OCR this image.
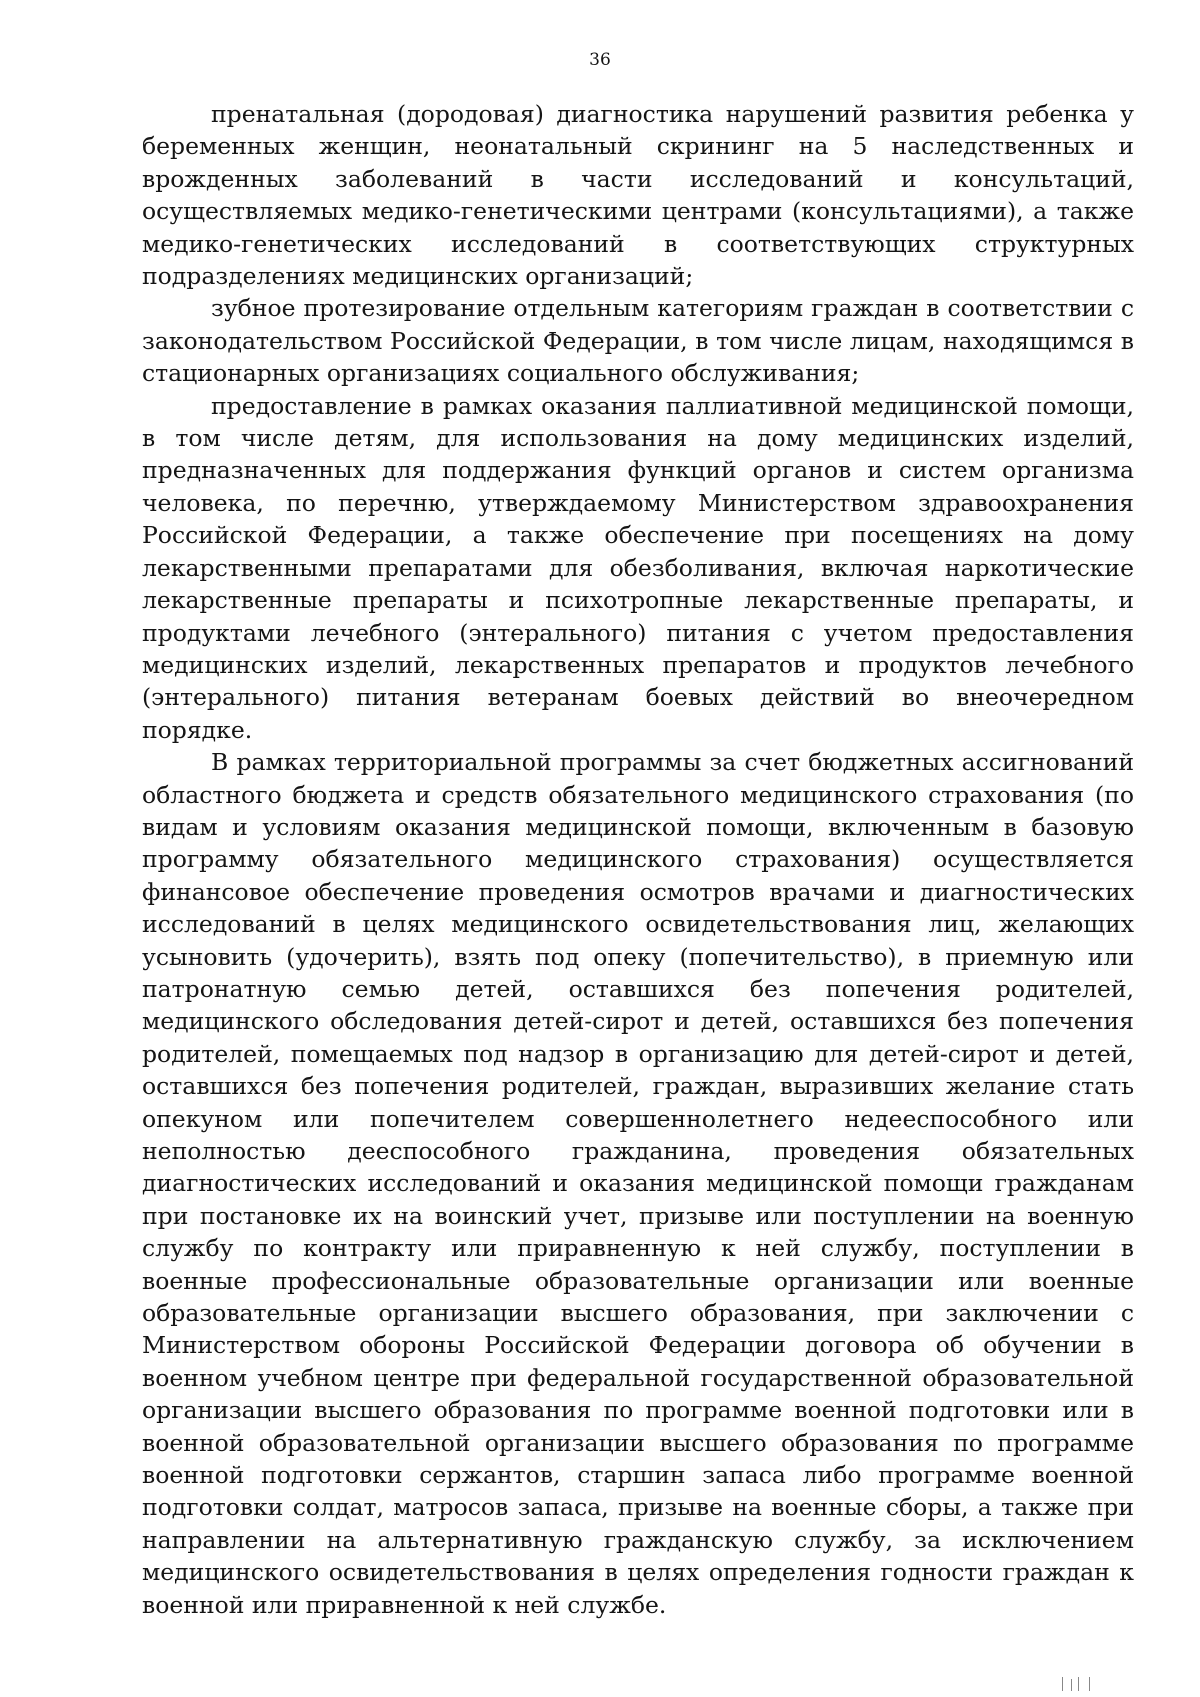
36

пренатальная (дородовая) диагностика нарушений развития ребенка у беременных женщин, неонатальный скрининг на 5 наследственных и врожденных заболеваний в части исследований и консультаций, осуществляемых медико-генетическими центрами (консультациями), а также медико-генетических исследований в соответствующих структурных подразделениях медицинских организаций;

зубное протезирование отдельным категориям граждан в соответствии с законодательством Российской Федерации, в том числе лицам, находящимся в стационарных организациях социального обслуживания;

предоставление в рамках оказания паллиативной медицинской помощи, в том числе детям, для использования на дому медицинских изделий, предназначенных для поддержания функций органов и систем организма человека, по перечню, утверждаемому Министерством здравоохранения Российской Федерации, а также обеспечение при посещениях на дому лекарственными препаратами для обезболивания, включая наркотические лекарственные препараты и психотропные лекарственные препараты, и продуктами лечебного (энтерального) питания с учетом предоставления медицинских изделий, лекарственных препаратов и продуктов лечебного (энтерального) питания ветеранам боевых действий во внеочередном порядке.

В рамках территориальной программы за счет бюджетных ассигнований областного бюджета и средств обязательного медицинского страхования (по видам и условиям оказания медицинской помощи, включенным в базовую программу обязательного медицинского страхования) осуществляется финансовое обеспечение проведения осмотров врачами и диагностических исследований в целях медицинского освидетельствования лиц, желающих усыновить (удочерить), взять под опеку (попечительство), в приемную или патронатную семью детей, оставшихся без попечения родителей, медицинского обследования детей-сирот и детей, оставшихся без попечения родителей, помещаемых под надзор в организацию для детей-сирот и детей, оставшихся без попечения родителей, граждан, выразивших желание стать опекуном или попечителем совершеннолетнего недееспособного или неполностью дееспособного гражданина, проведения обязательных диагностических исследований и оказания медицинской помощи гражданам при постановке их на воинский учет, призыве или поступлении на военную службу по контракту или приравненную к ней службу, поступлении в военные профессиональные образовательные организации или военные образовательные организации высшего образования, при заключении с Министерством обороны Российской Федерации договора об обучении в военном учебном центре при федеральной государственной образовательной организации высшего образования по программе военной подготовки или в военной образовательной организации высшего образования по программе военной подготовки сержантов, старшин запаса либо программе военной подготовки солдат, матросов запаса, призыве на военные сборы, а также при направлении на альтернативную гражданскую службу, за исключением медицинского освидетельствования в целях определения годности граждан к военной или приравненной к ней службе.
